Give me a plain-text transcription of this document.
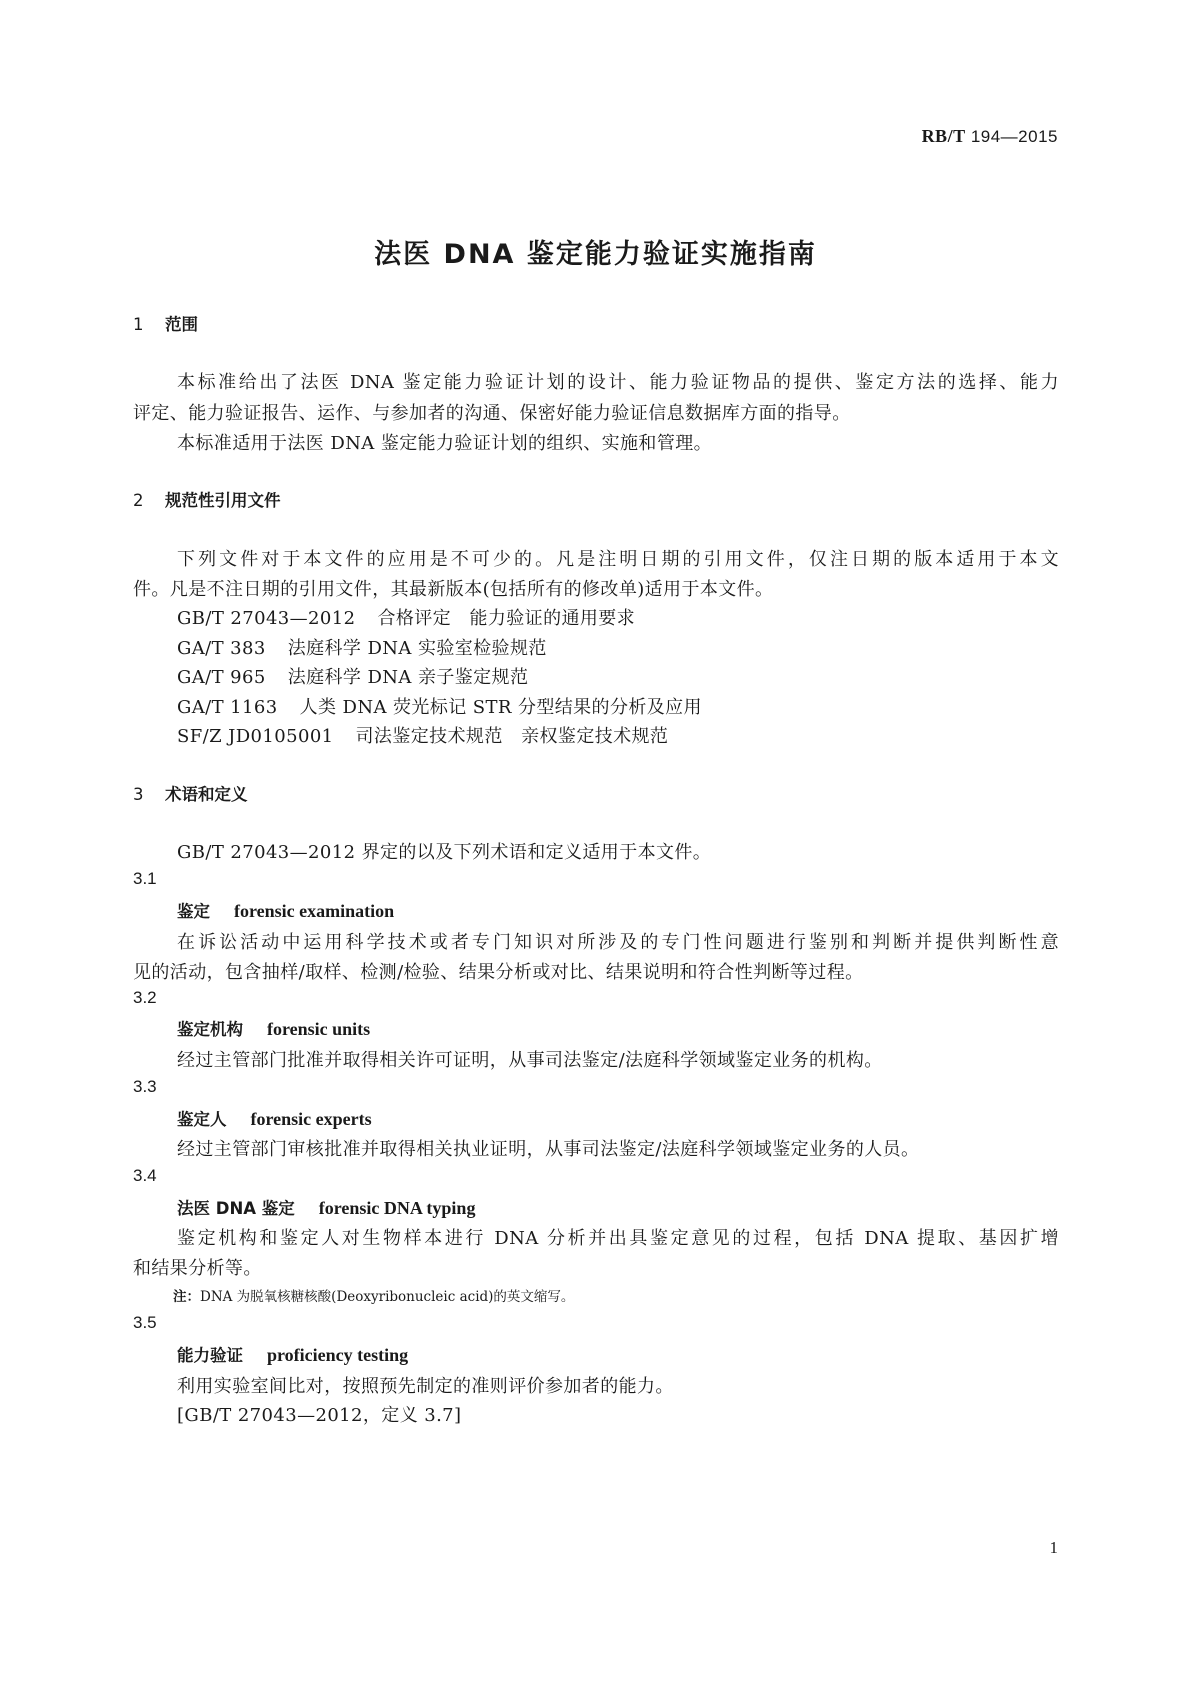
RB/T 194—2015
法医 DNA 鉴定能力验证实施指南
1 范围
本标准给出了法医 DNA 鉴定能力验证计划的设计、能力验证物品的提供、鉴定方法的选择、能力
评定、能力验证报告、运作、与参加者的沟通、保密好能力验证信息数据库方面的指导。
本标准适用于法医 DNA 鉴定能力验证计划的组织、实施和管理。
2 规范性引用文件
下列文件对于本文件的应用是不可少的。凡是注明日期的引用文件，仅注日期的版本适用于本文
件。凡是不注日期的引用文件，其最新版本(包括所有的修改单)适用于本文件。
GB/T 27043—2012 合格评定　能力验证的通用要求
GA/T 383 法庭科学 DNA 实验室检验规范
GA/T 965 法庭科学 DNA 亲子鉴定规范
GA/T 1163 人类 DNA 荧光标记 STR 分型结果的分析及应用
SF/Z JD0105001 司法鉴定技术规范　亲权鉴定技术规范
3 术语和定义
GB/T 27043—2012 界定的以及下列术语和定义适用于本文件。
3.1
鉴定 forensic examination
在诉讼活动中运用科学技术或者专门知识对所涉及的专门性问题进行鉴别和判断并提供判断性意
见的活动，包含抽样/取样、检测/检验、结果分析或对比、结果说明和符合性判断等过程。
3.2
鉴定机构 forensic units
经过主管部门批准并取得相关许可证明，从事司法鉴定/法庭科学领域鉴定业务的机构。
3.3
鉴定人 forensic experts
经过主管部门审核批准并取得相关执业证明，从事司法鉴定/法庭科学领域鉴定业务的人员。
3.4
法医 DNA 鉴定 forensic DNA typing
鉴定机构和鉴定人对生物样本进行 DNA 分析并出具鉴定意见的过程，包括 DNA 提取、基因扩增
和结果分析等。
注：DNA 为脱氧核糖核酸(Deoxyribonucleic acid)的英文缩写。
3.5
能力验证 proficiency testing
利用实验室间比对，按照预先制定的准则评价参加者的能力。
[GB/T 27043—2012，定义 3.7]
1
